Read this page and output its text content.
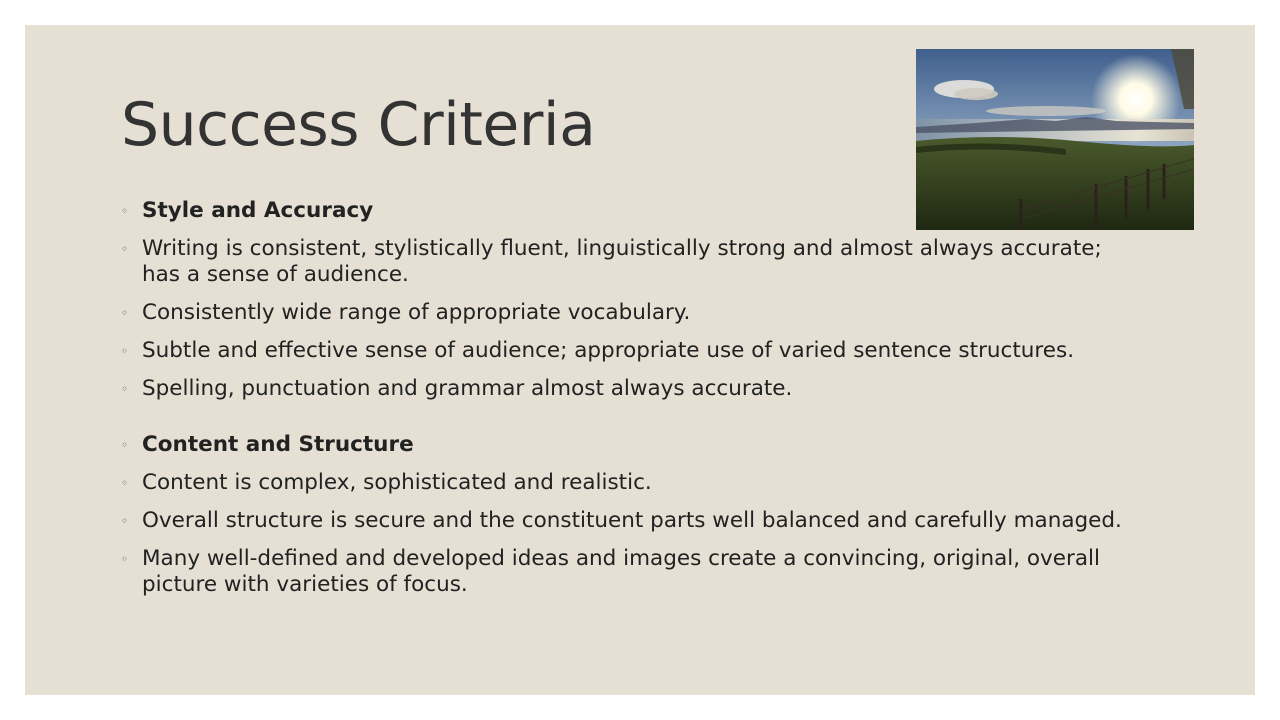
Success Criteria
◦ Style and Accuracy
◦ Writing is consistent, stylistically fluent, linguistically strong and almost always accurate; has a sense of audience.
◦ Consistently wide range of appropriate vocabulary.
◦ Subtle and effective sense of audience; appropriate use of varied sentence structures.
◦ Spelling, punctuation and grammar almost always accurate.
◦ Content and Structure
◦ Content is complex, sophisticated and realistic.
◦ Overall structure is secure and the constituent parts well balanced and carefully managed.
◦ Many well-defined and developed ideas and images create a convincing, original, overall picture with varieties of focus.
